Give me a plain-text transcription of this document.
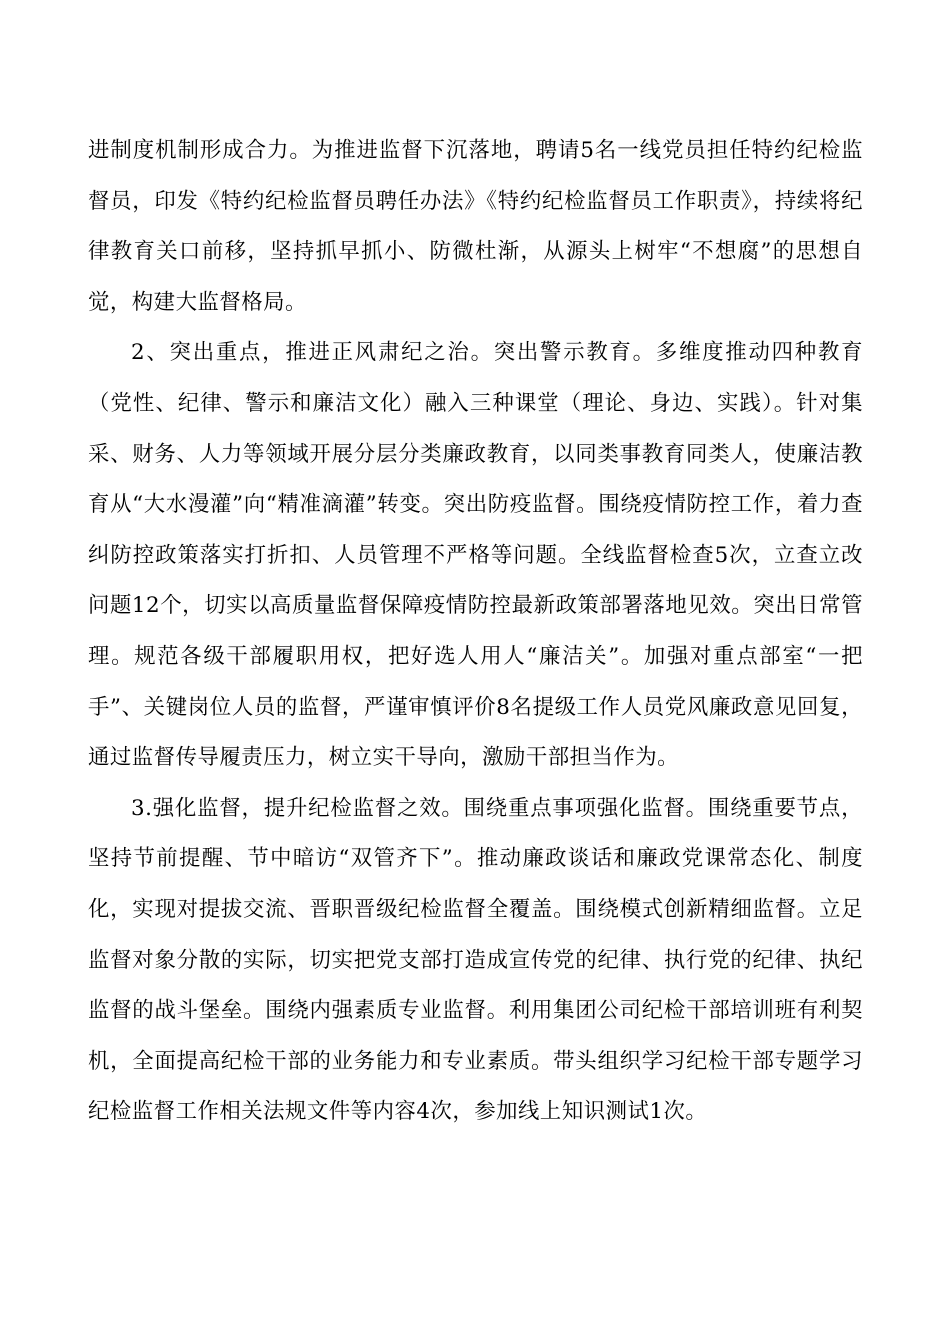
进制度机制形成合力。为推进监督下沉落地，聘请5名一线党员担任特约纪检监督员，印发《特约纪检监督员聘任办法》《特约纪检监督员工作职责》，持续将纪律教育关口前移，坚持抓早抓小、防微杜渐，从源头上树牢“不想腐”的思想自觉，构建大监督格局。

2、突出重点，推进正风肃纪之治。突出警示教育。多维度推动四种教育（党性、纪律、警示和廉洁文化）融入三种课堂（理论、身边、实践）。针对集采、财务、人力等领域开展分层分类廉政教育，以同类事教育同类人，使廉洁教育从“大水漫灌”向“精准滴灌”转变。突出防疫监督。围绕疫情防控工作，着力查纠防控政策落实打折扣、人员管理不严格等问题。全线监督检查5次，立查立改问题12个，切实以高质量监督保障疫情防控最新政策部署落地见效。突出日常管理。规范各级干部履职用权，把好选人用人“廉洁关”。加强对重点部室“一把手”、关键岗位人员的监督，严谨审慎评价8名提级工作人员党风廉政意见回复，通过监督传导履责压力，树立实干导向，激励干部担当作为。

3.强化监督，提升纪检监督之效。围绕重点事项强化监督。围绕重要节点，坚持节前提醒、节中暗访“双管齐下”。推动廉政谈话和廉政党课常态化、制度化，实现对提拔交流、晋职晋级纪检监督全覆盖。围绕模式创新精细监督。立足监督对象分散的实际，切实把党支部打造成宣传党的纪律、执行党的纪律、执纪监督的战斗堡垒。围绕内强素质专业监督。利用集团公司纪检干部培训班有利契机，全面提高纪检干部的业务能力和专业素质。带头组织学习纪检干部专题学习纪检监督工作相关法规文件等内容4次，参加线上知识测试1次。
